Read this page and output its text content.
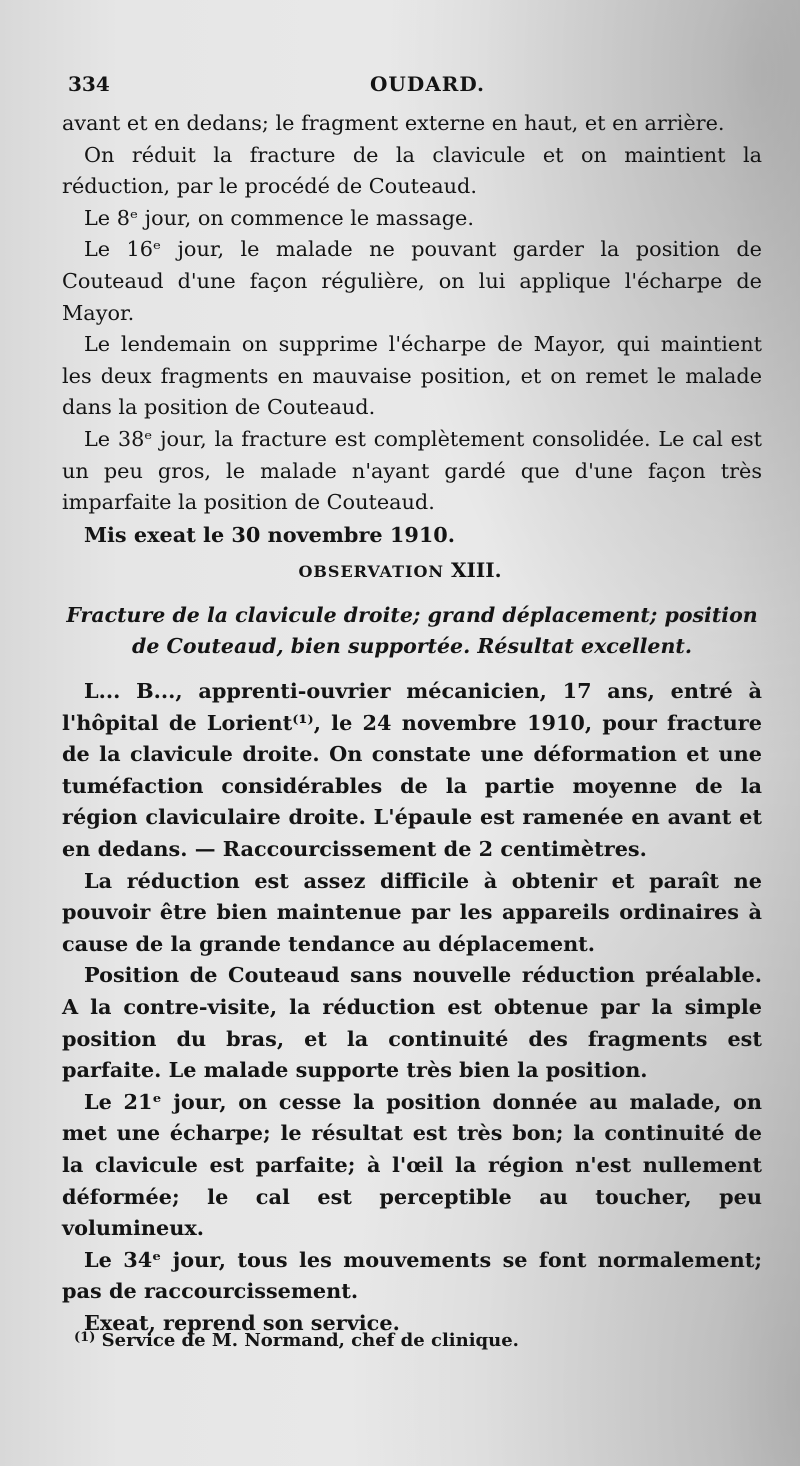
334	OUDARD.

avant et en dedans; le fragment externe en haut, et en arrière.

On réduit la fracture de la clavicule et on maintient la réduction, par le procédé de Couteaud.

Le 8ᵉ jour, on commence le massage.

Le 16ᵉ jour, le malade ne pouvant garder la position de Couteaud d'une façon régulière, on lui applique l'écharpe de Mayor.

Le lendemain on supprime l'écharpe de Mayor, qui maintient les deux fragments en mauvaise position, et on remet le malade dans la position de Couteaud.

Le 38ᵉ jour, la fracture est complètement consolidée. Le cal est un peu gros, le malade n'ayant gardé que d'une façon très imparfaite la position de Couteaud.

Mis exeat le 30 novembre 1910.

OBSERVATION XIII.
Fracture de la clavicule droite; grand déplacement; position de Couteaud, bien supportée. Résultat excellent.

L... B..., apprenti-ouvrier mécanicien, 17 ans, entré à l'hôpital de Lorient⁽¹⁾, le 24 novembre 1910, pour fracture de la clavicule droite. On constate une déformation et une tuméfaction considérables de la partie moyenne de la région claviculaire droite. L'épaule est ramenée en avant et en dedans. — Raccourcissement de 2 centimètres.

La réduction est assez difficile à obtenir et paraît ne pouvoir être bien maintenue par les appareils ordinaires à cause de la grande tendance au déplacement.

Position de Couteaud sans nouvelle réduction préalable. A la contre-visite, la réduction est obtenue par la simple position du bras, et la continuité des fragments est parfaite. Le malade supporte très bien la position.

Le 21ᵉ jour, on cesse la position donnée au malade, on met une écharpe; le résultat est très bon; la continuité de la clavicule est parfaite; à l'œil la région n'est nullement déformée; le cal est perceptible au toucher, peu volumineux.

Le 34ᵉ jour, tous les mouvements se font normalement; pas de raccourcissement.

Exeat, reprend son service.

$^{(1)}$ Service de M. Normand, chef de clinique.
